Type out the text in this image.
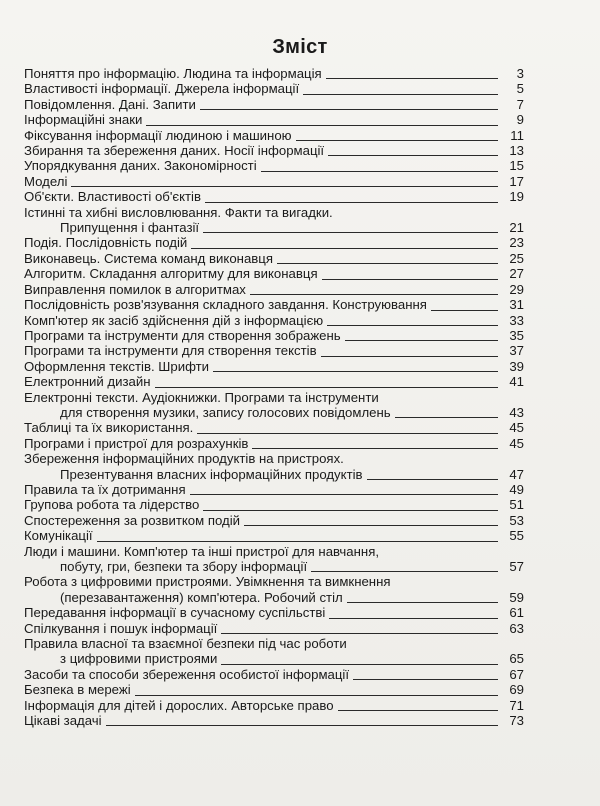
Зміст
Поняття про інформацію. Людина та інформація	3
Властивості інформації. Джерела інформації	5
Повідомлення. Дані. Запити	7
Інформаційні знаки	9
Фіксування інформації людиною і машиною	11
Збирання та збереження даних. Носії інформації	13
Упорядкування даних. Закономірності	15
Моделі	17
Об'єкти. Властивості об'єктів	19
Істинні та хибні висловлювання. Факти та вигадки.
Припущення і фантазії	21
Подія. Послідовність подій	23
Виконавець. Система команд виконавця	25
Алгоритм. Складання алгоритму для виконавця	27
Виправлення помилок в алгоритмах	29
Послідовність розв'язування складного завдання. Конструювання	31
Комп'ютер як засіб здійснення дій з інформацією	33
Програми та інструменти для створення зображень	35
Програми та інструменти для створення текстів	37
Оформлення текстів. Шрифти	39
Електронний дизайн	41
Електронні тексти. Аудіокнижки. Програми та інструменти
для створення музики, запису голосових повідомлень	43
Таблиці та їх використання.	45
Програми і пристрої для розрахунків	45
Збереження інформаційних продуктів на пристроях.
Презентування власних інформаційних продуктів	47
Правила та їх дотримання	49
Групова робота та лідерство	51
Спостереження за розвитком подій	53
Комунікації	55
Люди і машини. Комп'ютер та інші пристрої для навчання,
побуту, гри, безпеки та збору інформації	57
Робота з цифровими пристроями. Увімкнення та вимкнення
(перезавантаження) комп'ютера. Робочий стіл	59
Передавання інформації в сучасному суспільстві	61
Спілкування і пошук інформації	63
Правила власної та взаємної безпеки під час роботи
з цифровими пристроями	65
Засоби та способи збереження особистої інформації	67
Безпека в мережі	69
Інформація для дітей і дорослих. Авторське право	71
Цікаві задачі	73
